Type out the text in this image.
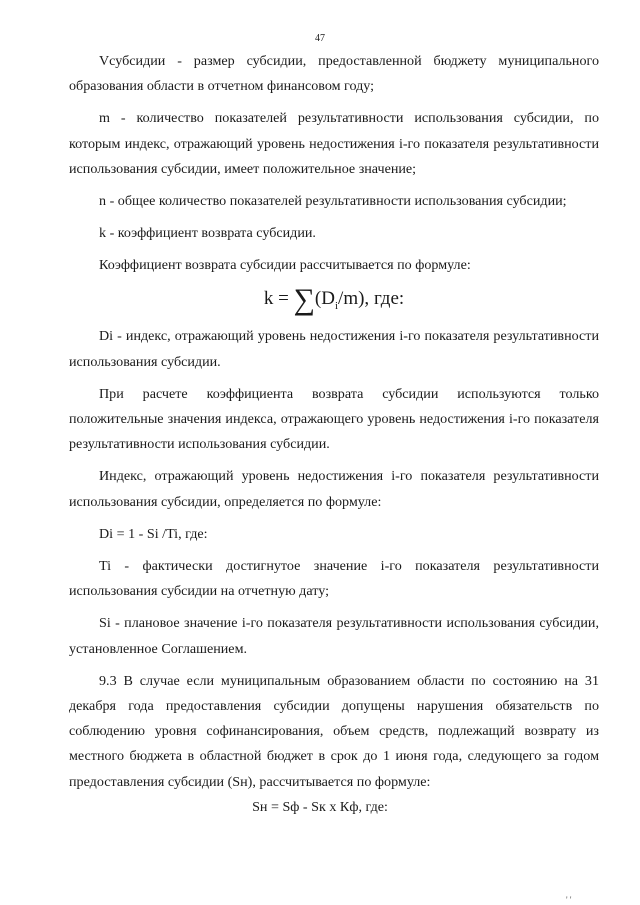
47

Vсубсидии - размер субсидии, предоставленной бюджету муниципального образования области в отчетном финансовом году;

m - количество показателей результативности использования субсидии, по которым индекс, отражающий уровень недостижения i-го показателя результативности использования субсидии, имеет положительное значение;

n - общее количество показателей результативности использования субсидии;

k - коэффициент возврата субсидии.

Коэффициент возврата субсидии рассчитывается по формуле:

$k = \sum(D_i/m)$, где:

Di - индекс, отражающий уровень недостижения i-го показателя результативности использования субсидии.

При расчете коэффициента возврата субсидии используются только положительные значения индекса, отражающего уровень недостижения i-го показателя результативности использования субсидии.

Индекс, отражающий уровень недостижения i-го показателя результативности использования субсидии, определяется по формуле:

Di = 1 - Si /Ti, где:

Ti - фактически достигнутое значение i-го показателя результативности использования субсидии на отчетную дату;

Si - плановое значение i-го показателя результативности использования субсидии, установленное Соглашением.

9.3 В случае если муниципальным образованием области по состоянию на 31 декабря года предоставления субсидии допущены нарушения обязательств по соблюдению уровня софинансирования, объем средств, подлежащий возврату из местного бюджета в областной бюджет в срок до 1 июня года, следующего за годом предоставления субсидии (Sн), рассчитывается по формуле:

Sн = Sф - Sк x Кф, где:
' '
